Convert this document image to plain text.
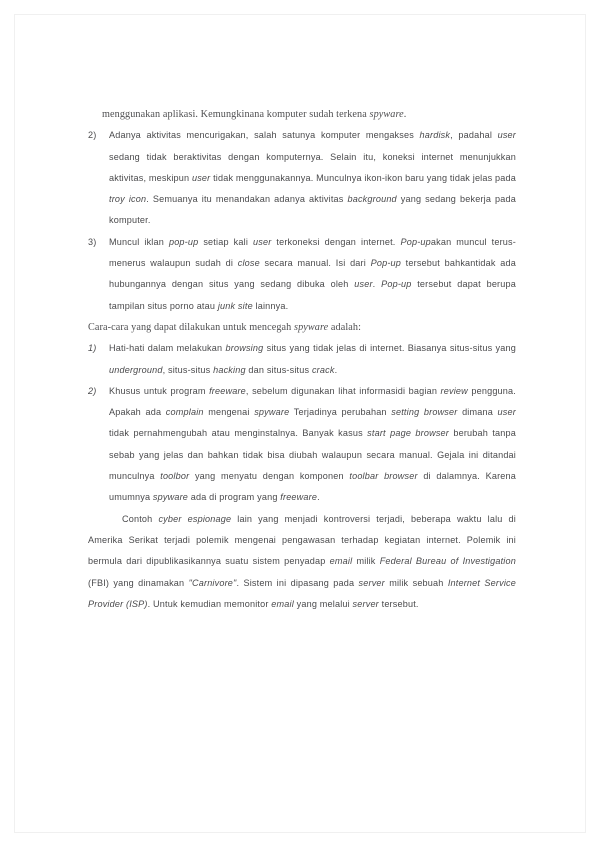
menggunakan aplikasi. Kemungkinana komputer sudah terkena spyware.

2)	Adanya aktivitas mencurigakan, salah satunya komputer mengakses hardisk, padahal user sedang tidak beraktivitas dengan komputernya. Selain itu, koneksi internet menunjukkan aktivitas, meskipun user tidak menggunakannya. Munculnya ikon-ikon baru yang tidak jelas pada troy icon. Semuanya itu menandakan adanya aktivitas background yang sedang bekerja pada komputer.
3)	Muncul iklan pop-up setiap kali user terkoneksi dengan internet. Pop-upakan muncul terus-menerus walaupun sudah di close secara manual. Isi dari Pop-up tersebut bahkantidak ada hubungannya dengan situs yang sedang dibuka oleh user. Pop-up tersebut dapat berupa tampilan situs porno atau junk site lainnya.

Cara-cara yang dapat dilakukan untuk mencegah spyware adalah:

1)	Hati-hati dalam melakukan browsing situs yang tidak jelas di internet. Biasanya situs-situs yang underground, situs-situs hacking dan situs-situs crack.
2)	Khusus untuk program freeware, sebelum digunakan lihat informasidi bagian review pengguna. Apakah ada complain mengenai spyware Terjadinya perubahan setting browser dimana user tidak pernahmengubah atau menginstalnya. Banyak kasus start page browser berubah tanpa sebab yang jelas dan bahkan tidak bisa diubah walaupun secara manual. Gejala ini ditandai munculnya toolbor yang menyatu dengan komponen toolbar browser di dalamnya. Karena umumnya spyware ada di program yang freeware.

Contoh cyber espionage lain yang menjadi kontroversi terjadi, beberapa waktu lalu di Amerika Serikat terjadi polemik mengenai pengawasan terhadap kegiatan internet. Polemik ini bermula dari dipublikasikannya suatu sistem penyadap email milik Federal Bureau of Investigation (FBI) yang dinamakan "Carnivore". Sistem ini dipasang pada server milik sebuah Internet Service Provider (ISP). Untuk kemudian memonitor email yang melalui server tersebut.
